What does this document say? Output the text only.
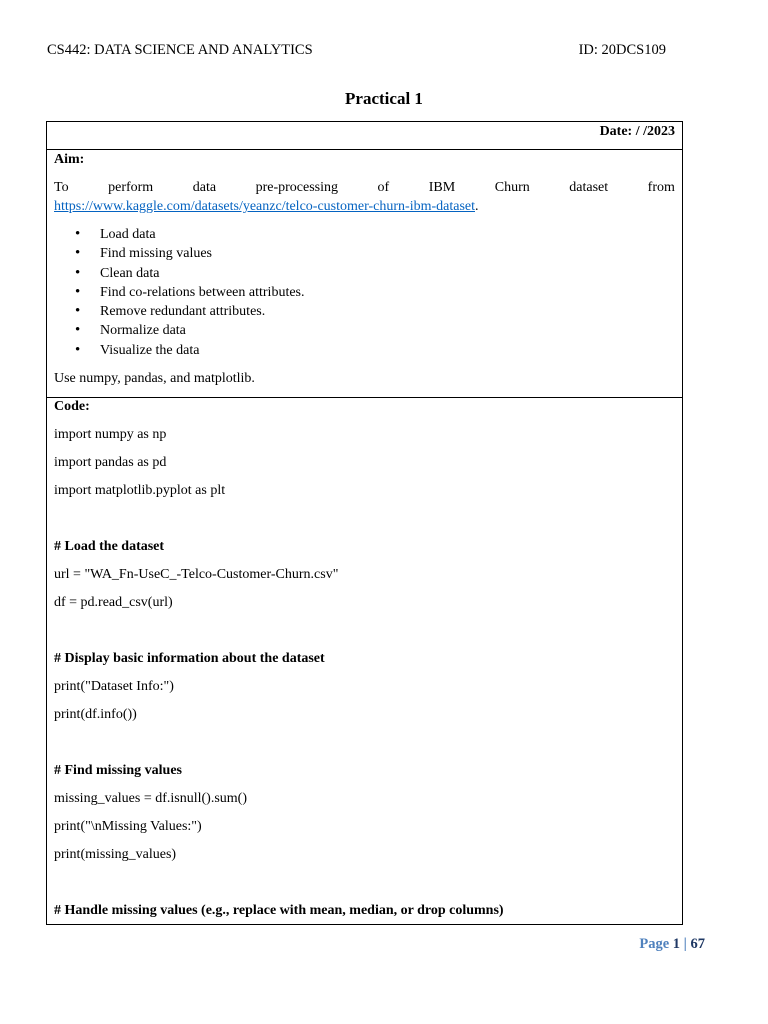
CS442: DATA SCIENCE AND ANALYTICS	ID: 20DCS109
Practical 1
Date: / /2023
Aim:
To	perform	data	pre-processing	of	IBM	Churn	dataset	from
https://www.kaggle.com/datasets/yeanzc/telco-customer-churn-ibm-dataset.
• Load data
• Find missing values
• Clean data
• Find co-relations between attributes.
• Remove redundant attributes.
• Normalize data
• Visualize the data
Use numpy, pandas, and matplotlib.
Code:
import numpy as np
import pandas as pd
import matplotlib.pyplot as plt
# Load the dataset
url = "WA_Fn-UseC_-Telco-Customer-Churn.csv"
df = pd.read_csv(url)
# Display basic information about the dataset
print("Dataset Info:")
print(df.info())
# Find missing values
missing_values = df.isnull().sum()
print("\nMissing Values:")
print(missing_values)
# Handle missing values (e.g., replace with mean, median, or drop columns)
Page 1 | 67
